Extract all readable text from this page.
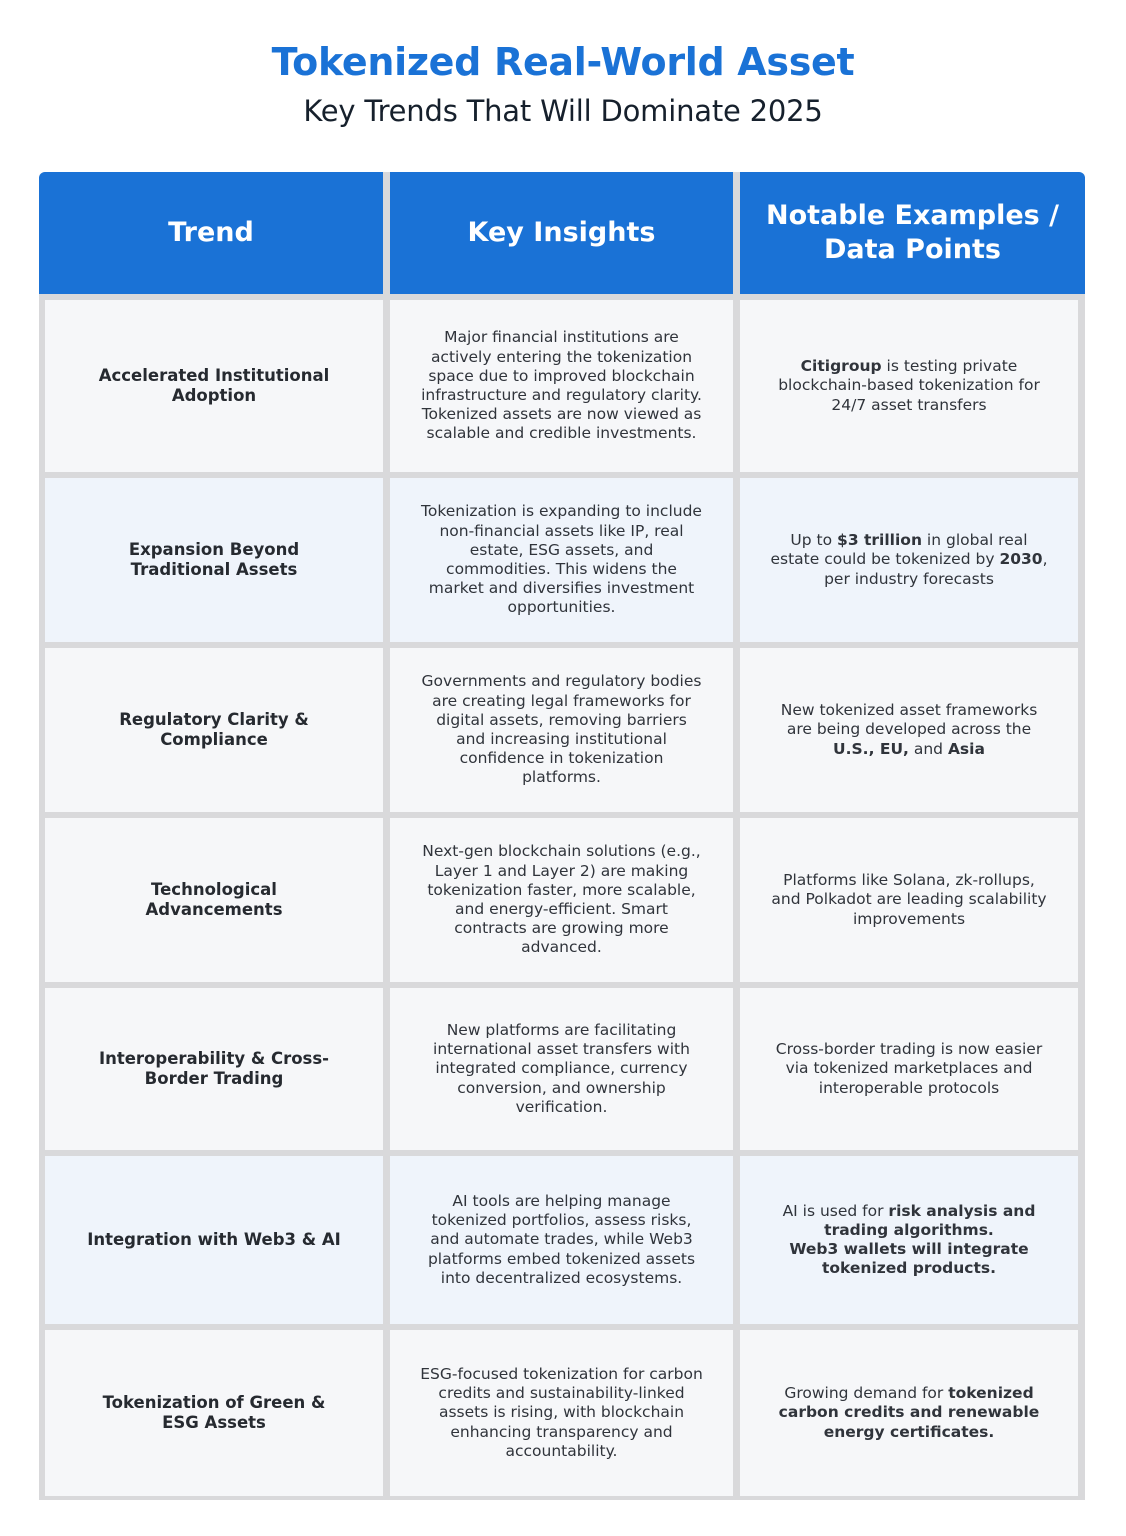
Tokenized Real-World Asset
Key Trends That Will Dominate 2025
Trend	Key Insights
Notable Examples / Data Points
Accelerated Institutional Adoption
Major financial institutions are actively entering the tokenization space due to improved blockchain infrastructure and regulatory clarity. Tokenized assets are now viewed as scalable and credible investments.
Citigroup is testing private blockchain-based tokenization for 24/7 asset transfers
Expansion Beyond Traditional Assets
Tokenization is expanding to include non-financial assets like IP, real estate, ESG assets, and commodities. This widens the market and diversifies investment opportunities.
Up to $3 trillion in global real estate could be tokenized by 2030, per industry forecasts
Regulatory Clarity & Compliance
Governments and regulatory bodies are creating legal frameworks for digital assets, removing barriers and increasing institutional confidence in tokenization platforms.
New tokenized asset frameworks are being developed across the U.S., EU, and Asia
Technological Advancements
Next-gen blockchain solutions (e.g., Layer 1 and Layer 2) are making tokenization faster, more scalable, and energy-efficient. Smart contracts are growing more advanced.
Platforms like Solana, zk-rollups, and Polkadot are leading scalability improvements
Interoperability & Cross-Border Trading
New platforms are facilitating international asset transfers with integrated compliance, currency conversion, and ownership verification.
Cross-border trading is now easier via tokenized marketplaces and interoperable protocols
Integration with Web3 & AI
AI tools are helping manage tokenized portfolios, assess risks, and automate trades, while Web3 platforms embed tokenized assets into decentralized ecosystems.
AI is used for risk analysis and trading algorithms.
Web3 wallets will integrate tokenized products.
Tokenization of Green & ESG Assets
ESG-focused tokenization for carbon credits and sustainability-linked assets is rising, with blockchain enhancing transparency and accountability.
Growing demand for tokenized carbon credits and renewable energy certificates.
